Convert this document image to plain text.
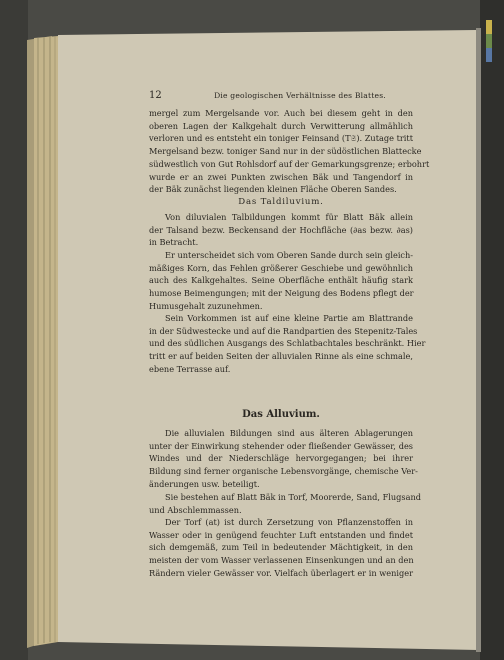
12	Die geologischen Verhältnisse des Blattes.
mergel zum Mergelsande vor. Auch bei diesem geht in den
oberen Lagen der Kalkgehalt durch Verwitterung allmählich
verloren und es entsteht ein toniger Feinsand (T𝔖). Zutage tritt
Mergelsand bezw. toniger Sand nur in der südöstlichen Blattecke
südwestlich von Gut Rohlsdorf auf der Gemarkungsgrenze; erbohrt
wurde er an zwei Punkten zwischen Bäk und Tangendorf in
der Bäk zunächst liegenden kleinen Fläche Oberen Sandes.
Das Taldiluvium.
Von diluvialen Talbildungen kommt für Blatt Bäk allein
der Talsand bezw. Beckensand der Hochfläche (∂as bezw. ∂as)
in Betracht.
Er unterscheidet sich vom Oberen Sande durch sein gleich-
mäßiges Korn, das Fehlen größerer Geschiebe und gewöhnlich
auch des Kalkgehaltes. Seine Oberfläche enthält häufig stark
humose Beimengungen; mit der Neigung des Bodens pflegt der
Humusgehalt zuzunehmen.
Sein Vorkommen ist auf eine kleine Partie am Blattrande
in der Südwestecke und auf die Randpartien des Stepenitz-Tales
und des südlichen Ausgangs des Schlatbachtales beschränkt. Hier
tritt er auf beiden Seiten der alluvialen Rinne als eine schmale,
ebene Terrasse auf.
Das Alluvium.
Die alluvialen Bildungen sind aus älteren Ablagerungen
unter der Einwirkung stehender oder fließender Gewässer, des
Windes und der Niederschläge hervorgegangen; bei ihrer
Bildung sind ferner organische Lebensvorgänge, chemische Ver-
änderungen usw. beteiligt.
Sie bestehen auf Blatt Bäk in Torf, Moorerde, Sand, Flugsand
und Abschlemmassen.
Der Torf (at) ist durch Zersetzung von Pflanzenstoffen in
Wasser oder in genügend feuchter Luft entstanden und findet
sich demgemäß, zum Teil in bedeutender Mächtigkeit, in den
meisten der vom Wasser verlassenen Einsenkungen und an den
Rändern vieler Gewässer vor. Vielfach überlagert er in weniger
